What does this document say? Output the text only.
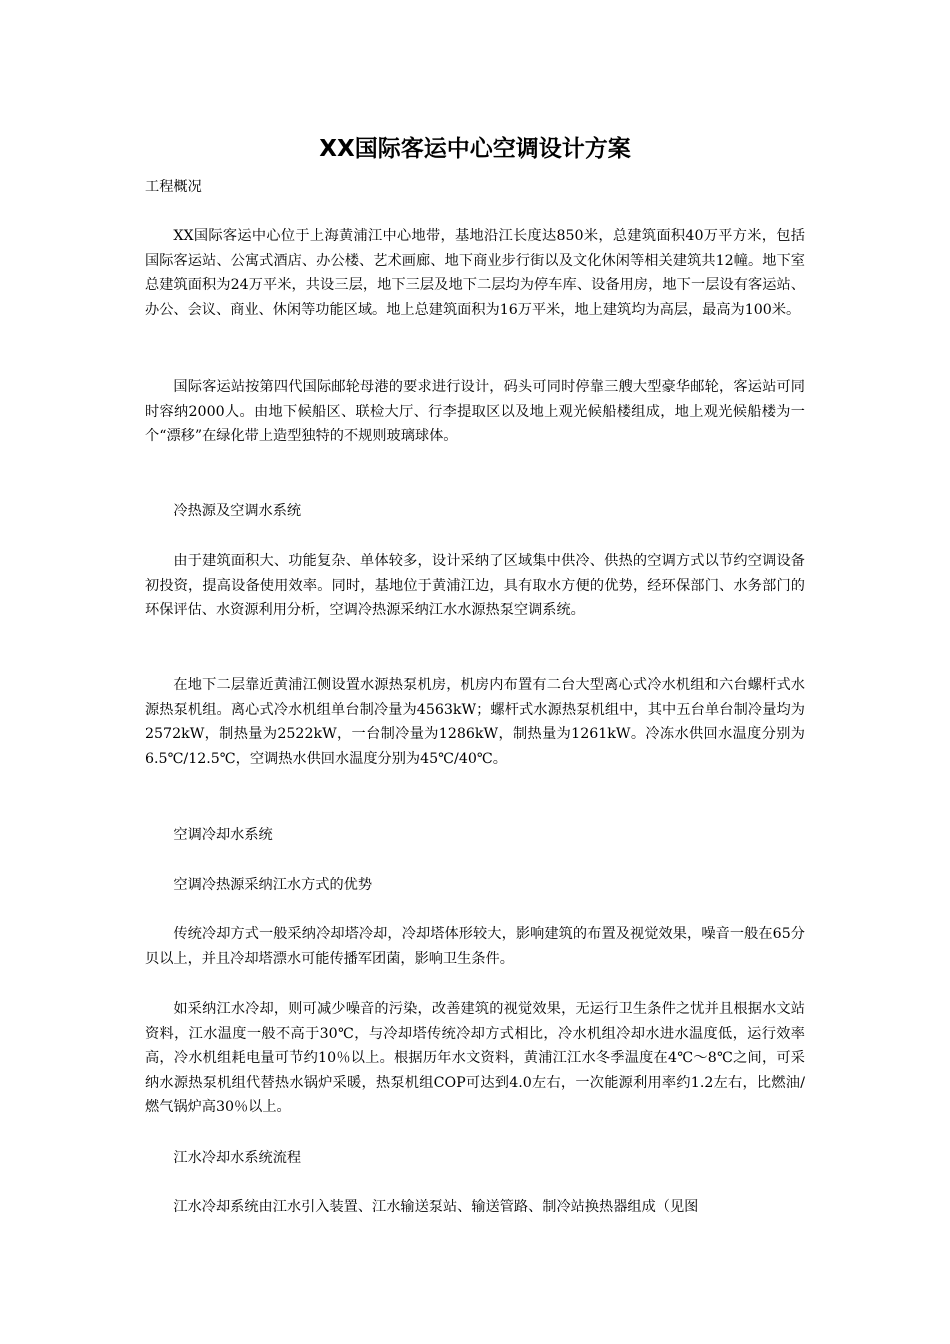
XX国际客运中心空调设计方案

工程概况

XX国际客运中心位于上海黄浦江中心地带，基地沿江长度达850米，总建筑面积40万平方米，包括国际客运站、公寓式酒店、办公楼、艺术画廊、地下商业步行街以及文化休闲等相关建筑共12幢。地下室总建筑面积为24万平米，共设三层，地下三层及地下二层均为停车库、设备用房，地下一层设有客运站、办公、会议、商业、休闲等功能区域。地上总建筑面积为16万平米，地上建筑均为高层，最高为100米。

国际客运站按第四代国际邮轮母港的要求进行设计，码头可同时停靠三艘大型豪华邮轮，客运站可同时容纳2000人。由地下候船区、联检大厅、行李提取区以及地上观光候船楼组成，地上观光候船楼为一个“漂移”在绿化带上造型独特的不规则玻璃球体。

冷热源及空调水系统

由于建筑面积大、功能复杂、单体较多，设计采纳了区域集中供冷、供热的空调方式以节约空调设备初投资，提高设备使用效率。同时，基地位于黄浦江边，具有取水方便的优势，经环保部门、水务部门的环保评估、水资源利用分析，空调冷热源采纳江水水源热泵空调系统。

在地下二层靠近黄浦江侧设置水源热泵机房，机房内布置有二台大型离心式冷水机组和六台螺杆式水源热泵机组。离心式冷水机组单台制冷量为4563kW；螺杆式水源热泵机组中，其中五台单台制冷量均为2572kW，制热量为2522kW，一台制冷量为1286kW，制热量为1261kW。冷冻水供回水温度分别为6.5℃/12.5℃，空调热水供回水温度分别为45℃/40℃。

空调冷却水系统

空调冷热源采纳江水方式的优势

传统冷却方式一般采纳冷却塔冷却，冷却塔体形较大，影响建筑的布置及视觉效果，噪音一般在65分贝以上，并且冷却塔漂水可能传播军团菌，影响卫生条件。

如采纳江水冷却，则可减少噪音的污染，改善建筑的视觉效果，无运行卫生条件之忧并且根据水文站资料，江水温度一般不高于30℃，与冷却塔传统冷却方式相比，冷水机组冷却水进水温度低，运行效率高，冷水机组耗电量可节约10％以上。根据历年水文资料，黄浦江江水冬季温度在4℃～8℃之间，可采纳水源热泵机组代替热水锅炉采暖，热泵机组COP可达到4.0左右，一次能源利用率约1.2左右，比燃油/燃气锅炉高30％以上。

江水冷却水系统流程

江水冷却系统由江水引入装置、江水输送泵站、输送管路、制冷站换热器组成（见图
